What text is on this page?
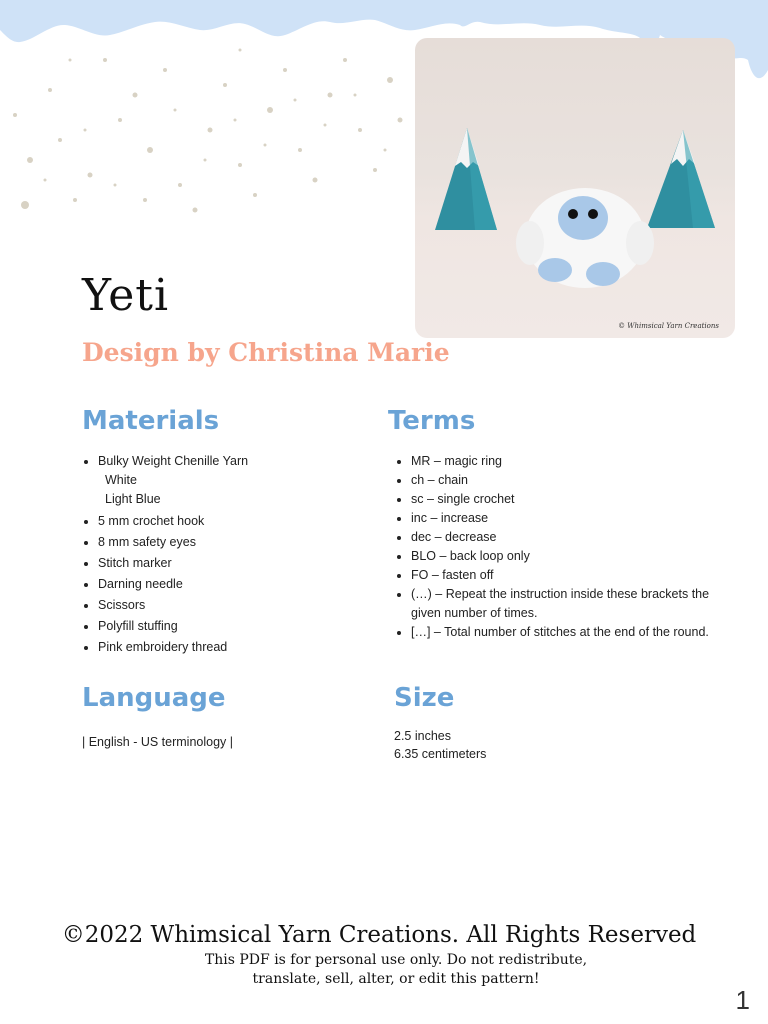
© Whimsical Yarn Creations
Yeti
Design by Christina Marie
Materials
• Bulky Weight Chenille Yarn
White
Light Blue
• 5 mm crochet hook
• 8 mm safety eyes
• Stitch marker
• Darning needle
• Scissors
• Polyfill stuffing
• Pink embroidery thread
Terms
• MR – magic ring
• ch – chain
• sc – single crochet
• inc – increase
• dec – decrease
• BLO – back loop only
• FO – fasten off
• (…) – Repeat the instruction inside these brackets the given number of times.
• […] – Total number of stitches at the end of the round.
Language

| English - US terminology |

Size

2.5 inches

6.35 centimeters

©2022 Whimsical Yarn Creations. All Rights Reserved
This PDF is for personal use only. Do not redistribute,
translate, sell, alter, or edit this pattern!
1
